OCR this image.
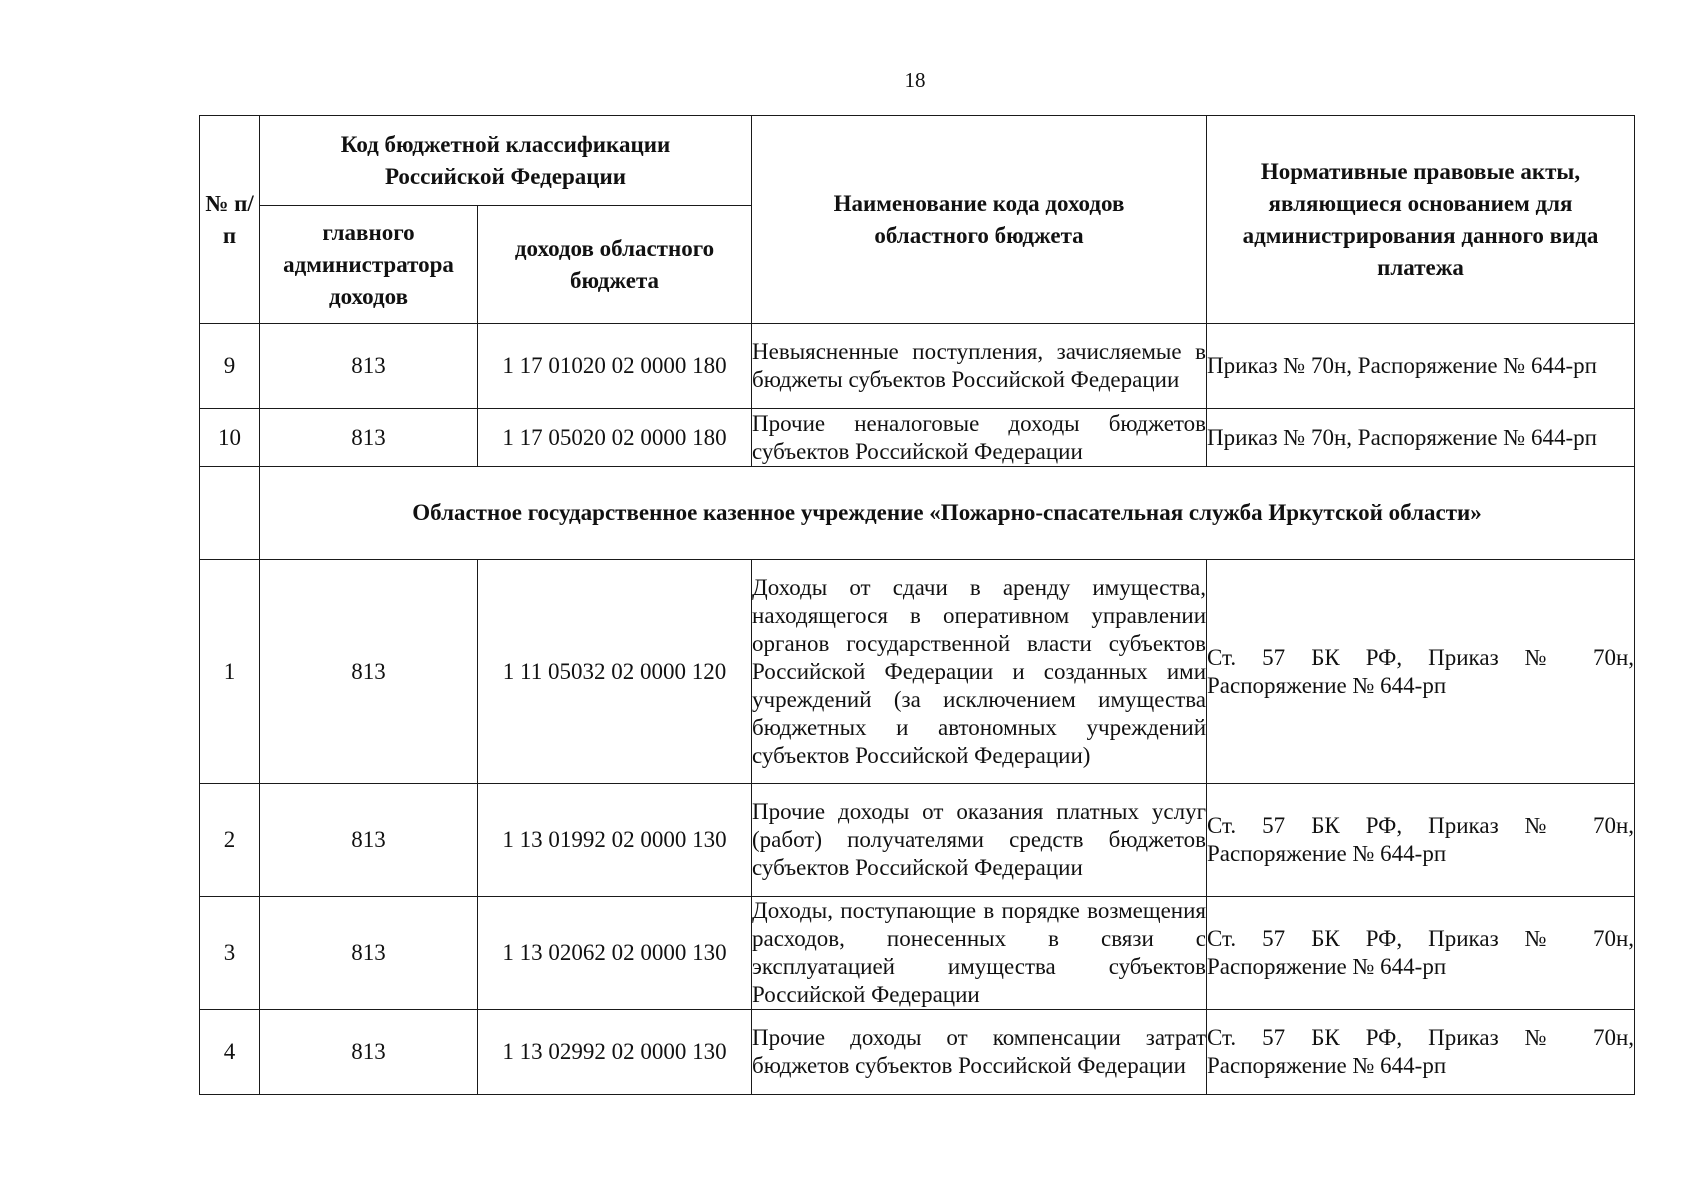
18
№ п/п	Код бюджетной классификации Российской Федерации		Наименование кода доходов областного бюджета	Нормативные правовые акты, являющиеся основанием для администрирования данного вида платежа
	главного администратора доходов	доходов областного бюджета		
9	813	1 17 01020 02 0000 180	Невыясненные поступления, зачисляемые в бюджеты субъектов Российской Федерации	Приказ № 70н, Распоряжение № 644-рп
10	813	1 17 05020 02 0000 180	Прочие неналоговые доходы бюджетов субъектов Российской Федерации	Приказ № 70н, Распоряжение № 644-рп
	Областное государственное казенное учреждение «Пожарно-спасательная служба Иркутской области»			
1	813	1 11 05032 02 0000 120	Доходы от сдачи в аренду имущества, находящегося в оперативном управлении органов государственной власти субъектов Российской Федерации и созданных ими учреждений (за исключением имущества бюджетных и автономных учреждений субъектов Российской Федерации)	Ст. 57 БК РФ, Приказ № 70н, Распоряжение № 644-рп
2	813	1 13 01992 02 0000 130	Прочие доходы от оказания платных услуг (работ) получателями средств бюджетов субъектов Российской Федерации	Ст. 57 БК РФ, Приказ № 70н, Распоряжение № 644-рп
3	813	1 13 02062 02 0000 130	Доходы, поступающие в порядке возмещения расходов, понесенных в связи с эксплуатацией имущества субъектов Российской Федерации	Ст. 57 БК РФ, Приказ № 70н, Распоряжение № 644-рп
4	813	1 13 02992 02 0000 130	Прочие доходы от компенсации затрат бюджетов субъектов Российской Федерации	Ст. 57 БК РФ, Приказ № 70н, Распоряжение № 644-рп
